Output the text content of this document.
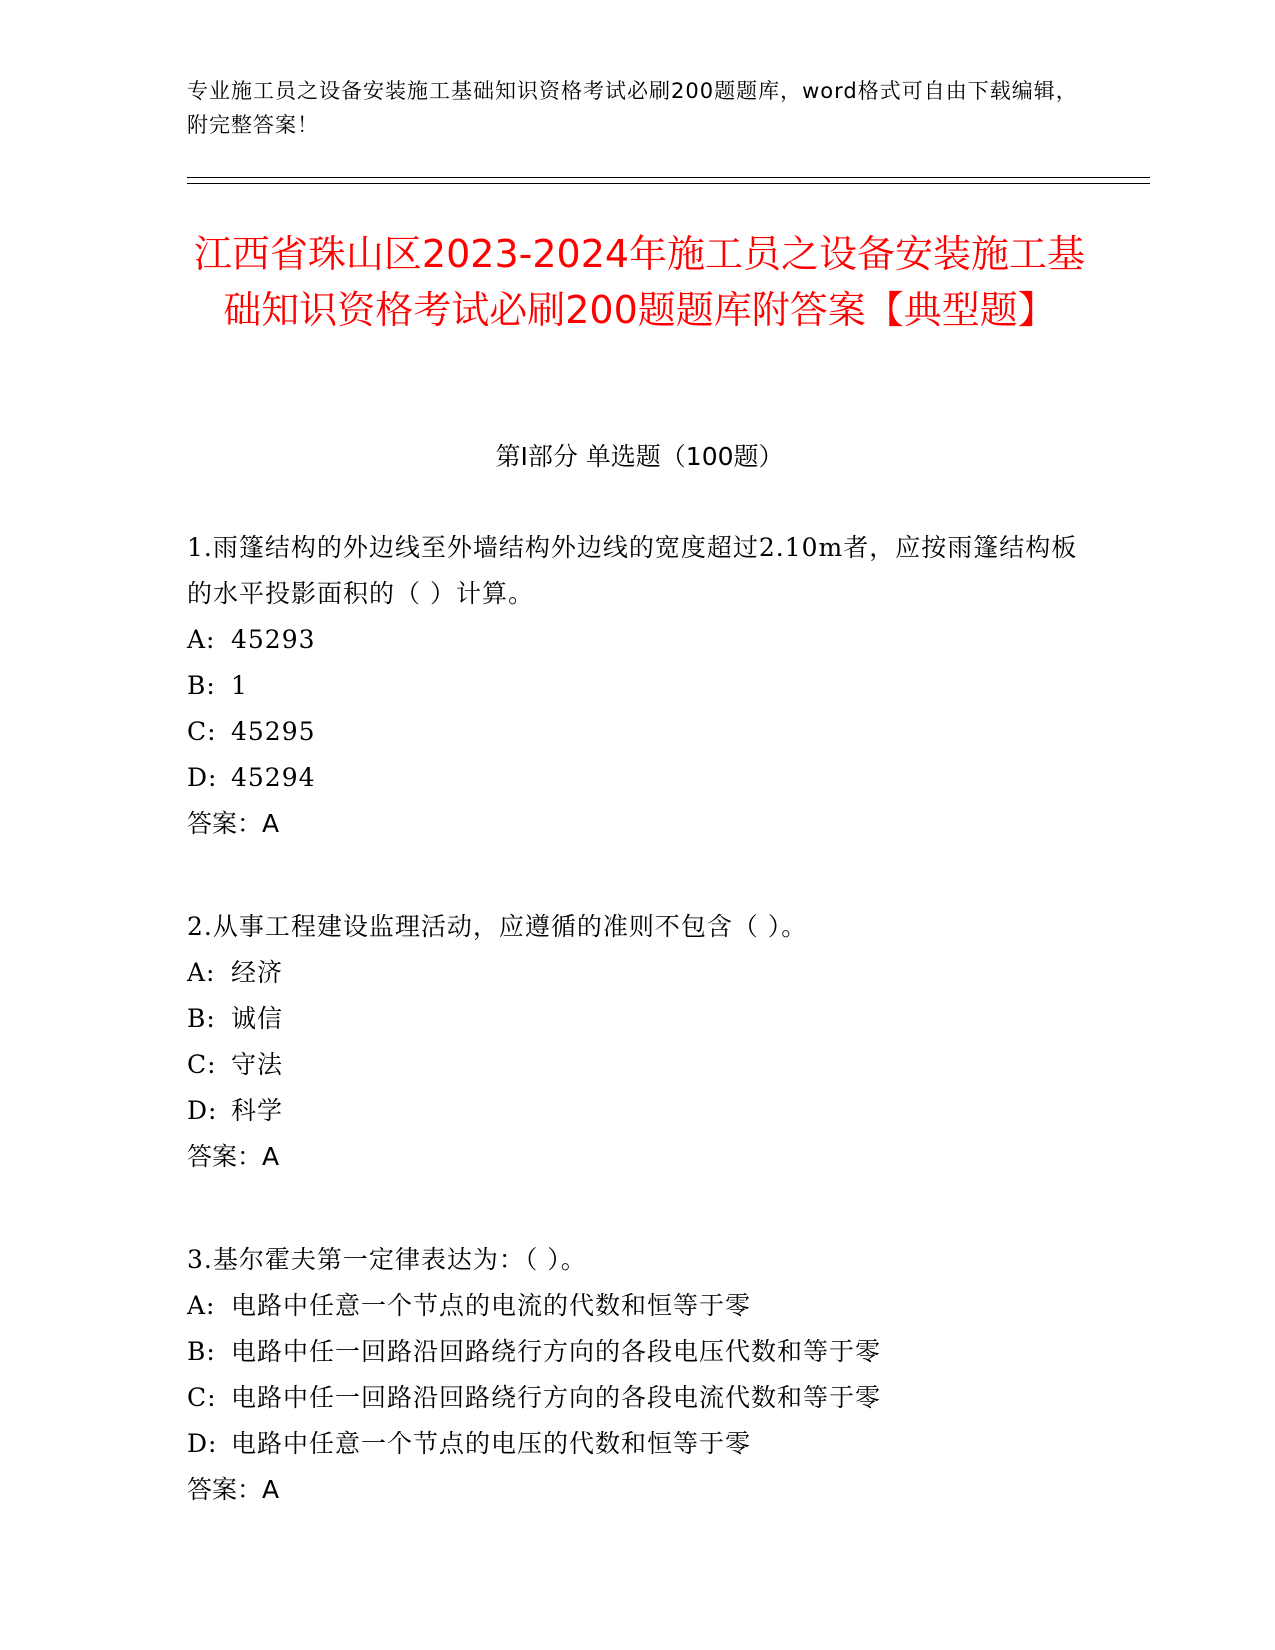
专业施工员之设备安装施工基础知识资格考试必刷200题题库，word格式可自由下载编辑，附完整答案！

江西省珠山区2023-2024年施工员之设备安装施工基础知识资格考试必刷200题题库附答案【典型题】
第Ⅰ部分 单选题（100题）

1.雨篷结构的外边线至外墙结构外边线的宽度超过2.10m者，应按雨篷结构板的水平投影面积的（ ）计算。

A: 45293

B: 1

C: 45295

D: 45294

答案：A

2.从事工程建设监理活动，应遵循的准则不包含（ ）。

A: 经济

B: 诚信

C: 守法

D: 科学

答案：A

3.基尔霍夫第一定律表达为：（ ）。

A: 电路中任意一个节点的电流的代数和恒等于零

B: 电路中任一回路沿回路绕行方向的各段电压代数和等于零

C: 电路中任一回路沿回路绕行方向的各段电流代数和等于零

D: 电路中任意一个节点的电压的代数和恒等于零

答案：A
